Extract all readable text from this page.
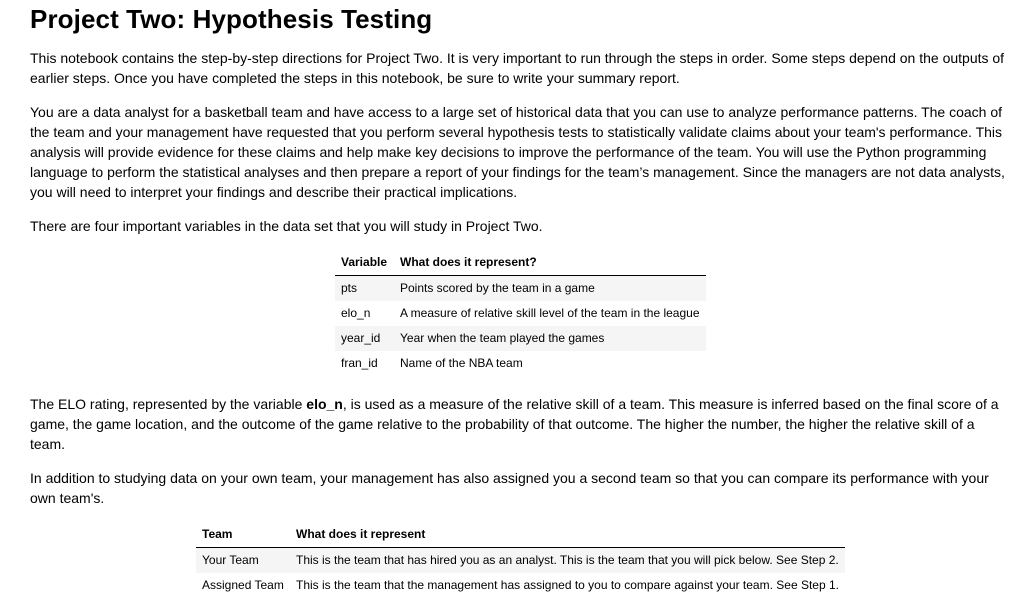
Project Two: Hypothesis Testing

This notebook contains the step-by-step directions for Project Two. It is very important to run through the steps in order. Some steps depend on the outputs of earlier steps. Once you have completed the steps in this notebook, be sure to write your summary report.

You are a data analyst for a basketball team and have access to a large set of historical data that you can use to analyze performance patterns. The coach of the team and your management have requested that you perform several hypothesis tests to statistically validate claims about your team's performance. This analysis will provide evidence for these claims and help make key decisions to improve the performance of the team. You will use the Python programming language to perform the statistical analyses and then prepare a report of your findings for the team’s management. Since the managers are not data analysts, you will need to interpret your findings and describe their practical implications.

There are four important variables in the data set that you will study in Project Two.

Variable	What does it represent?
pts	Points scored by the team in a game
elo_n	A measure of relative skill level of the team in the league
year_id	Year when the team played the games
fran_id	Name of the NBA team

The ELO rating, represented by the variable elo_n, is used as a measure of the relative skill of a team. This measure is inferred based on the final score of a game, the game location, and the outcome of the game relative to the probability of that outcome. The higher the number, the higher the relative skill of a team.

In addition to studying data on your own team, your management has also assigned you a second team so that you can compare its performance with your own team's.

Team	What does it represent
Your Team	This is the team that has hired you as an analyst. This is the team that you will pick below. See Step 2.
Assigned Team	This is the team that the management has assigned to you to compare against your team. See Step 1.
